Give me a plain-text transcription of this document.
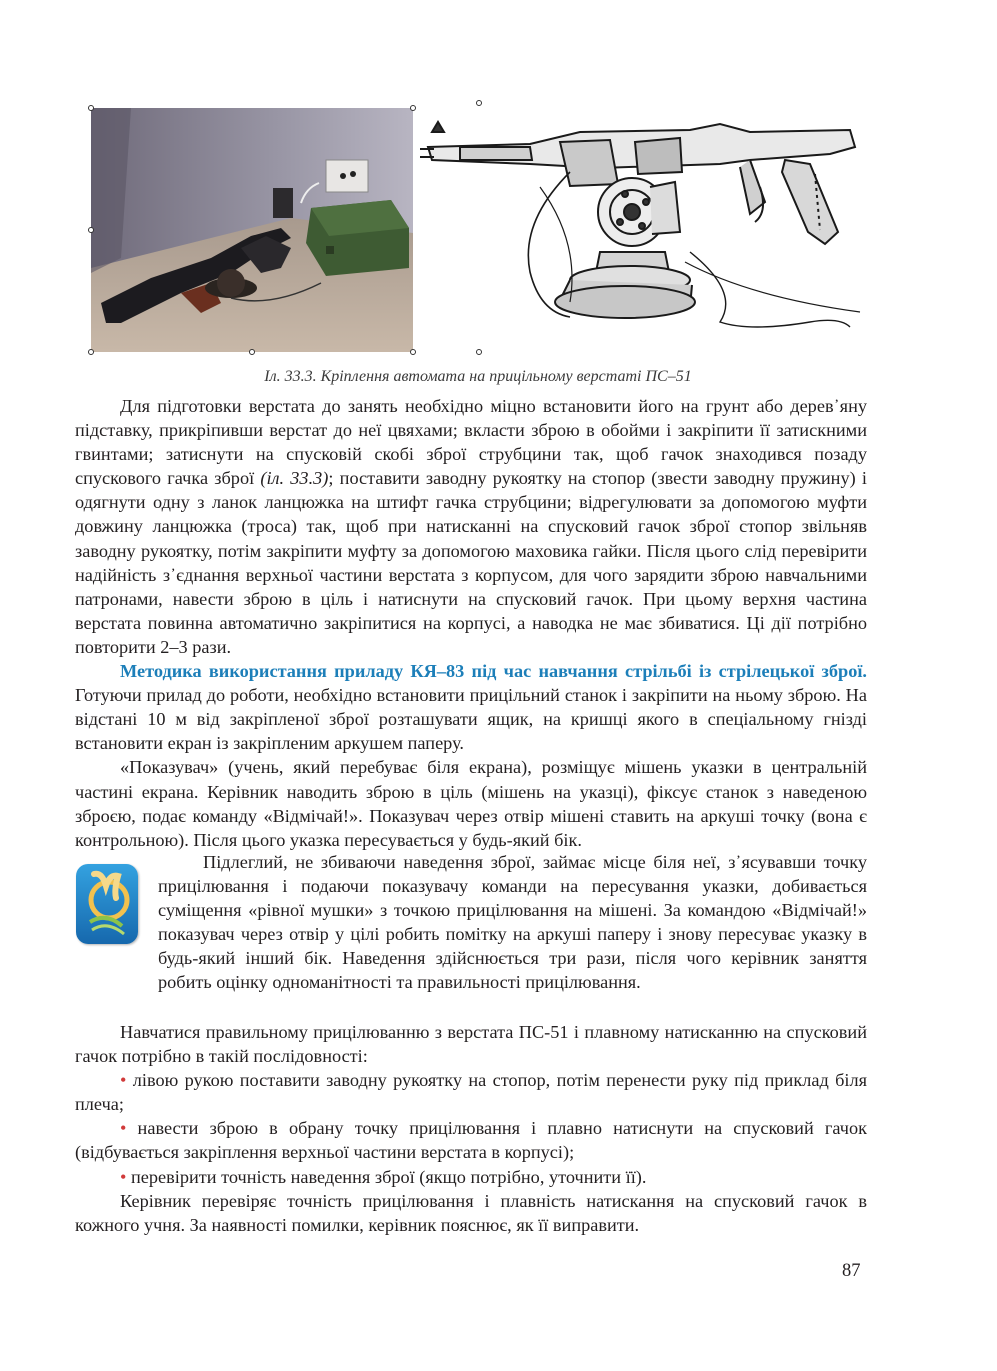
Іл. 33.3. Кріплення автомата на прицільному верстаті ПС–51

Для підготовки верстата до занять необхідно міцно встановити його на грунт або дерев᾿яну підставку, прикріпивши верстат до неї цвяхами; вкласти зброю в обойми і закріпити її затискними гвинтами; затиснути на спусковій скобі зброї струбцини так, щоб гачок знаходився позаду спускового гачка зброї (іл. 33.3); поставити заводну рукоятку на стопор (звести заводну пружину) і одягнути одну з ланок ланцюжка на штифт гачка струбцини; відрегулювати за допомогою муфти довжину ланцюжка (троса) так, щоб при натисканні на спусковий гачок зброї стопор звільняв заводну рукоятку, потім закріпити муфту за допомогою маховика гайки. Після цього слід перевірити надійність з᾿єднання верхньої частини верстата з корпусом, для чого зарядити зброю навчальними патронами, навести зброю в ціль і натиснути на спусковий гачок. При цьому верхня частина верстата повинна автоматично закріпитися на корпусі, а наводка не має збиватися. Ці дії потрібно повторити 2–3 рази.

Методика використання приладу КЯ–83 під час навчання стрільбі із стрілецької зброї. Готуючи прилад до роботи, необхідно встановити прицільний станок і закріпити на ньому зброю. На відстані 10 м від закріпленої зброї розташувати ящик, на кришці якого в спеціальному гнізді встановити екран із закріпленим аркушем паперу.

«Показувач» (учень, який перебуває біля екрана), розміщує мішень указки в центральній частині екрана. Керівник наводить зброю в ціль (мішень на указці), фіксує станок з наведеною зброєю, подає команду «Відмічай!». Показувач через отвір мішені ставить на аркуші точку (вона є контрольною). Після цього указка пересувається у будь-який бік.

Підлеглий, не збиваючи наведення зброї, займає місце біля неї, з᾿ясувавши точку прицілювання і подаючи показувачу команди на пересування указки, добивається суміщення «рівної мушки» з точкою прицілювання на мішені. За командою «Відмічай!» показувач через отвір у цілі робить помітку на аркуші паперу і знову пересуває указку в будь-який інший бік. Наведення здійснюється три рази, після чого керівник заняття робить оцінку одноманітності та правильності прицілювання.

Навчатися правильному прицілюванню з верстата ПС-51 і плавному натисканню на спусковий гачок потрібно в такій послідовності:

• лівою рукою поставити заводну рукоятку на стопор, потім перенести руку під приклад біля плеча;

• навести зброю в обрану точку прицілювання і плавно натиснути на спусковий гачок (відбувається закріплення верхньої частини верстата в корпусі);

• перевірити точність наведення зброї (якщо потрібно, уточнити її).

Керівник перевіряє точність прицілювання і плавність натискання на спусковий гачок в кожного учня. За наявності помилки, керівник пояснює, як її виправити.

87
